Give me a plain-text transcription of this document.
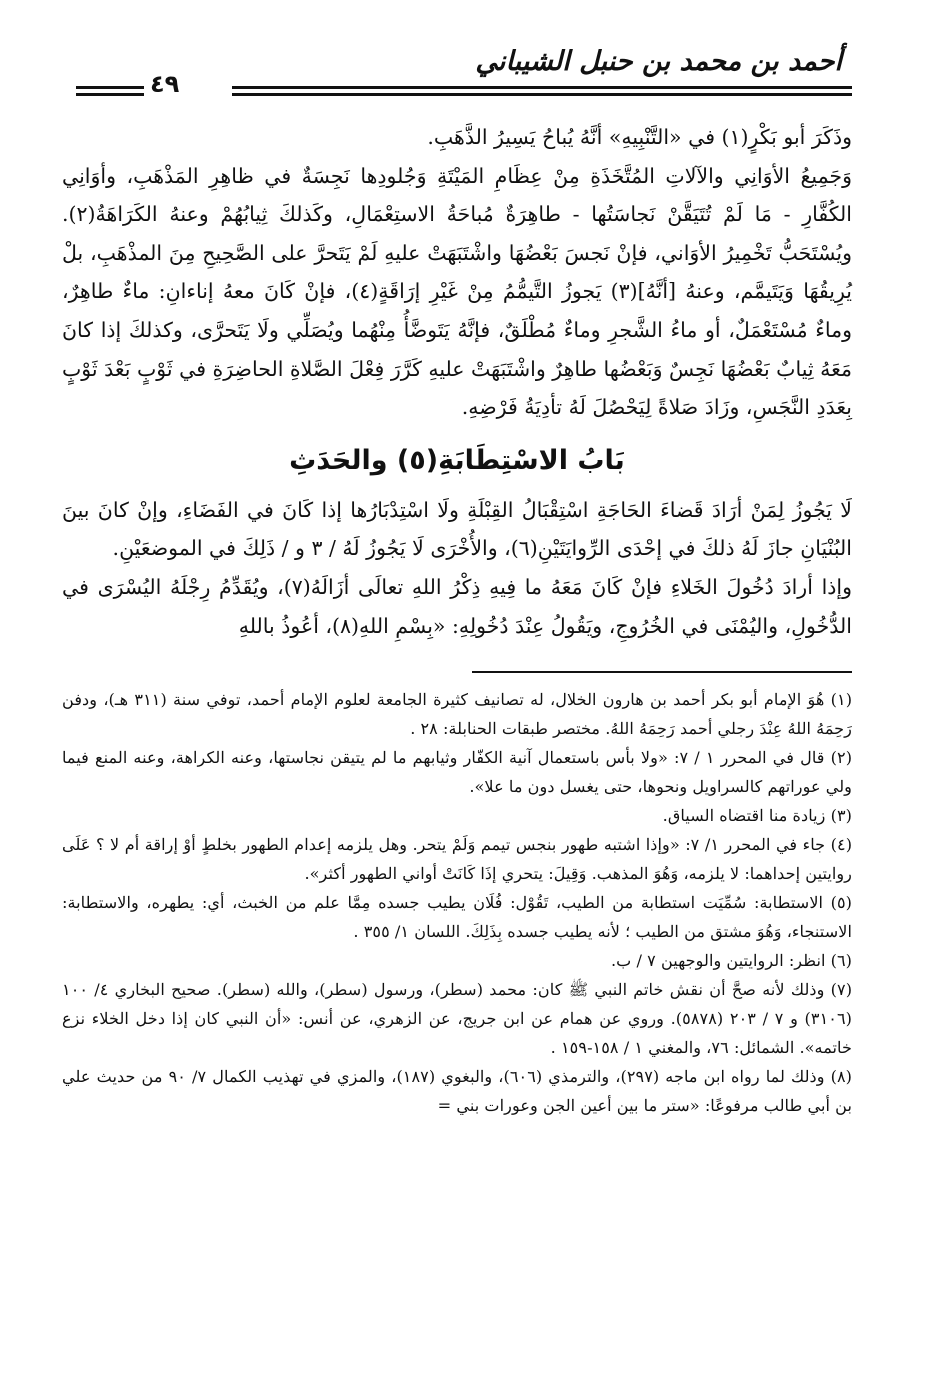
أحمد بن محمد بن حنبل الشيباني
٤٩

وذَكَرَ أبو بَكْرٍ(١) في «التَّنْبِيهِ» أنَّهُ يُباحُ يَسِيرُ الذَّهَبِ.

وَجَمِيعُ الأوَانِي والآلاتِ المُتَّخَذَةِ مِنْ عِظَامِ المَيْتَةِ وَجُلودِها نَجِسَةٌ في ظاهِرِ المَذْهَبِ، وأوَانِي الكُفَّارِ - مَا لَمْ تُتَيَقَّنْ نَجاسَتُها - طاهِرَةٌ مُباحَةُ الاستِعْمَالِ، وكَذلكَ ثِيابُهُمْ وعنهُ الكَرَاهَةُ(٢). ويُسْتَحَبُّ تَخْمِيرُ الأوَاني، فإنْ نَجسَ بَعْضُهَا واشْتَبَهَتْ عليهِ لَمْ يَتَحرَّ على الصَّحِيحِ مِنَ المذْهَبِ، بلْ يُرِيقُهَا وَيَتَيمَّم، وعنهُ [أنَّهُ](٣) يَجوزُ التَّيمُّمُ مِنْ غَيْرِ إرَاقَةٍ(٤)، فإنْ كَانَ معهُ إناءانِ: ماءٌ طاهِرٌ، وماءٌ مُسْتَعْمَلٌ، أو ماءُ الشَّجرِ وماءٌ مُطْلَقٌ، فإنَّهُ يَتَوضَّأُ مِنْهُما ويُصَلِّي ولَا يَتَحرَّى، وكذلكَ إذا كانَ مَعَهُ ثِيابٌ بَعْضُهَا نَجِسٌ وَبَعْضُها طاهِرٌ واشْتَبَهَتْ عليهِ كَرَّرَ فِعْلَ الصَّلاةِ الحاضِرَةِ في ثَوْبٍ بَعْدَ ثَوْبٍ بِعَدَدِ النَّجَسِ، وزَادَ صَلاةً لِيَحْصُلَ لَهُ تأدِيَةُ فَرْضِهِ.

بَابُ الاسْتِطَابَةِ(٥) والحَدَثِ

لَا يَجُوزُ لِمَنْ أرَادَ قَضاءَ الحَاجَةِ اسْتِقْبَالُ القِبْلَةِ ولَا اسْتِدْبَارُها إذا كَانَ في الفَضَاءِ، وإنْ كانَ بينَ البُنْيَانِ جازَ لَهُ ذلكَ في إحْدَى الرِّوايَتَيْنِ(٦)، والأُخْرَى لَا يَجُوزُ لَهُ / ٣ و / ذَلِكَ في الموضعَيْنِ.

وإذا أرادَ دُخُولَ الخَلاءِ فإنْ كَانَ مَعَهُ ما فِيهِ ذِكْرُ اللهِ تعالَى أزَالَهُ(٧)، ويُقَدِّمُ رِجْلَهُ اليُسْرَى في الدُّخُولِ، واليُمْنَى في الخُرُوجِ، ويَقُولُ عِنْدَ دُخُولِهِ: «بِسْمِ اللهِ(٨)، أعُوذُ باللهِ

(١) هُوَ الإمام أبو بكر أحمد بن هارون الخلال، له تصانيف كثيرة الجامعة لعلوم الإمام أحمد، توفي سنة (٣١١ هـ)، ودفن رَحِمَهُ اللهُ عِنْدَ رجلي أحمد رَحِمَهُ اللهُ. مختصر طبقات الحنابلة: ٢٨ .

(٢) قال في المحرر ١ / ٧: «ولا بأس باستعمال آنية الكفّار وثيابهم ما لم يتيقن نجاستها، وعنه الكراهة، وعنه المنع فيما ولي عوراتهم كالسراويل ونحوها، حتى يغسل دون ما علا».

(٣) زيادة منا اقتضاه السياق.

(٤) جاء في المحرر ١/ ٧: «وإذا اشتبه طهور بنجس تيمم وَلَمْ يتحر. وهل يلزمه إعدام الطهور بخلطٍ أوْ إراقة أم لا ؟ عَلَى روايتين إحداهما: لا يلزمه، وَهُوَ المذهب. وَقِيلَ: يتحري إذَا كَانَتْ أواني الطهور أكثر».

(٥) الاستطابة: سُمِّيَت استطابة من الطيب، تَقُوْل: فُلَان يطيب جسده مِمَّا علم من الخبث، أي: يطهره، والاستطابة: الاستنجاء، وَهُوَ مشتق من الطيب ؛ لأنه يطيب جسده بِذَلِكَ. اللسان ١/ ٣٥٥ .

(٦) انظر: الروايتين والوجهين ٧ / ب.

(٧) وذلك لأنه صحَّ أن نقش خاتم النبي ﷺ كان: محمد (سطر)، ورسول (سطر)، والله (سطر). صحيح البخاري ٤/ ١٠٠ (٣١٠٦) و ٧ / ٢٠٣ (٥٨٧٨). وروي عن همام عن ابن جريج، عن الزهري، عن أنس: «أن النبي كان إذا دخل الخلاء نزع خاتمه». الشمائل: ٧٦، والمغني ١ / ١٥٨-١٥٩ .

(٨) وذلك لما رواه ابن ماجه (٢٩٧)، والترمذي (٦٠٦)، والبغوي (١٨٧)، والمزي في تهذيب الكمال ٧/ ٩٠ من حديث علي بن أبي طالب مرفوعًا: «ستر ما بين أعين الجن وعورات بني =
